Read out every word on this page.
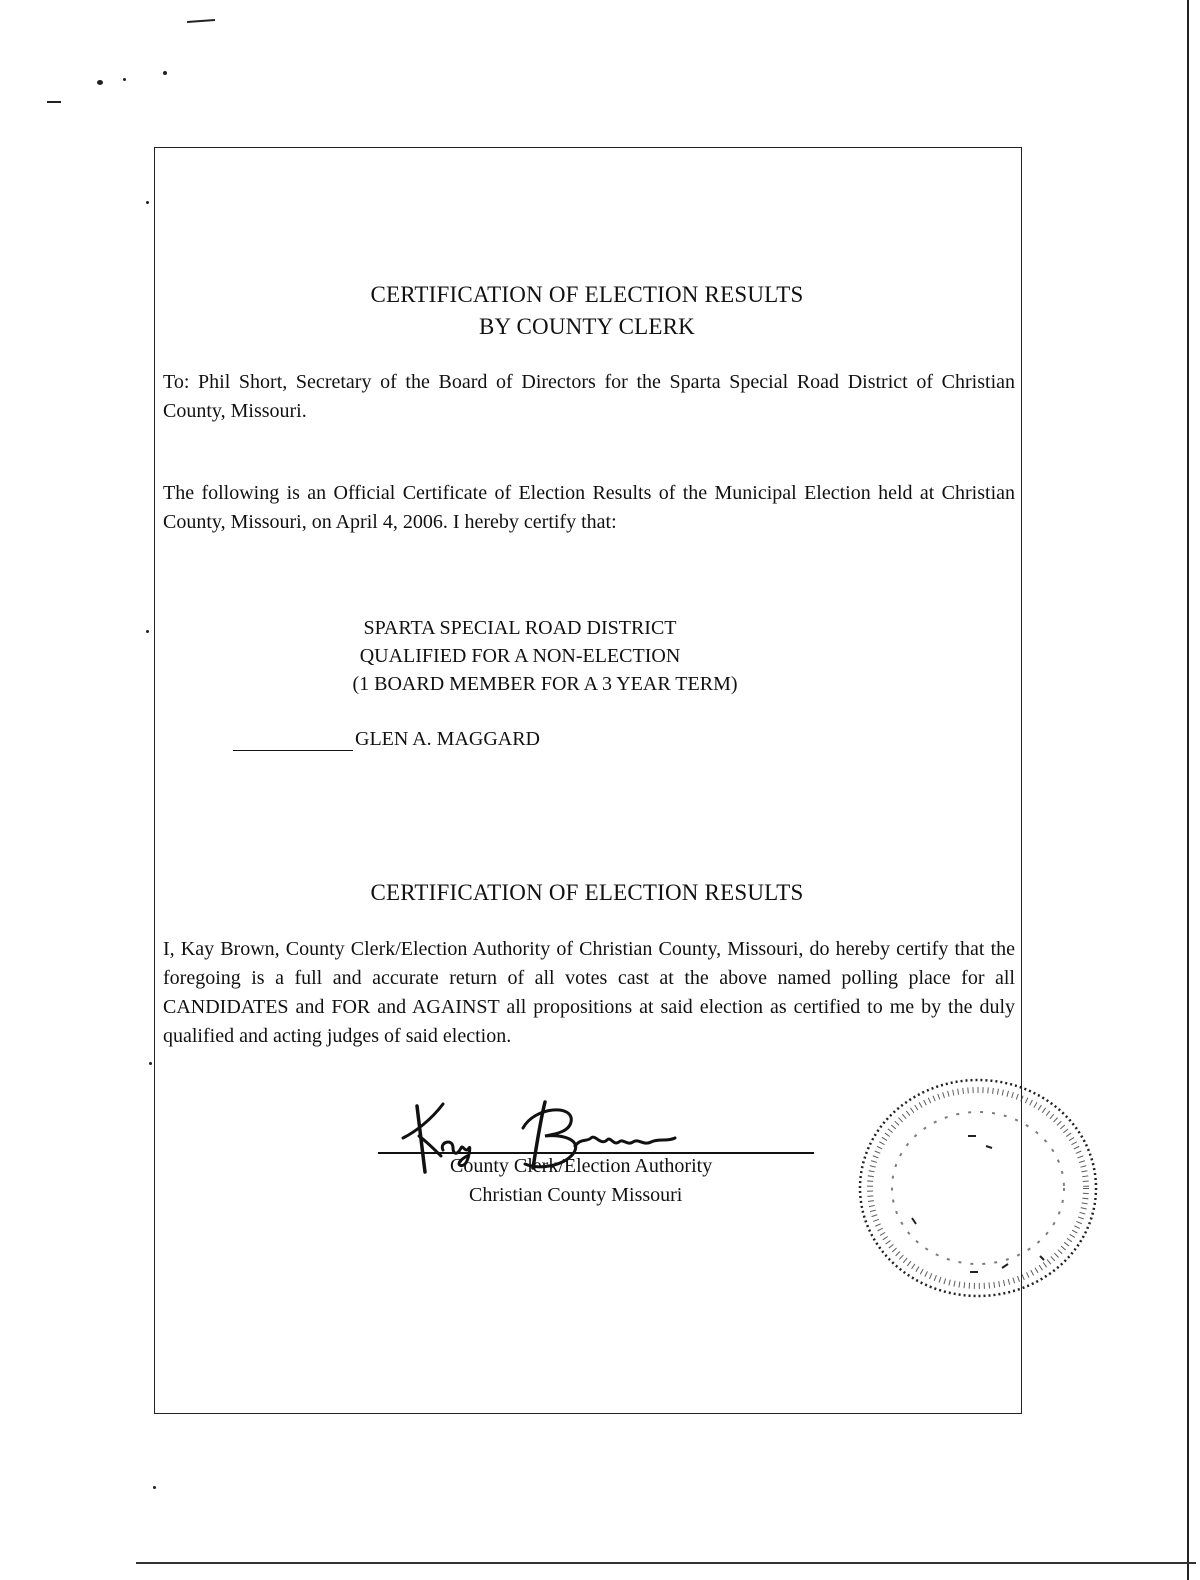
CERTIFICATION OF ELECTION RESULTS
BY COUNTY CLERK
To: Phil Short, Secretary of the Board of Directors for the Sparta Special Road District of Christian County, Missouri.
The following is an Official Certificate of Election Results of the Municipal Election held at Christian County, Missouri, on April 4, 2006. I hereby certify that:
SPARTA SPECIAL ROAD DISTRICT
QUALIFIED FOR A NON-ELECTION
(1 BOARD MEMBER FOR A 3 YEAR TERM)
GLEN A. MAGGARD
CERTIFICATION OF ELECTION RESULTS
I, Kay Brown, County Clerk/Election Authority of Christian County, Missouri, do hereby certify that the foregoing is a full and accurate return of all votes cast at the above named polling place for all CANDIDATES and FOR and AGAINST all propositions at said election as certified to me by the duly qualified and acting judges of said election.
County Clerk/Election Authority
Christian County Missouri
